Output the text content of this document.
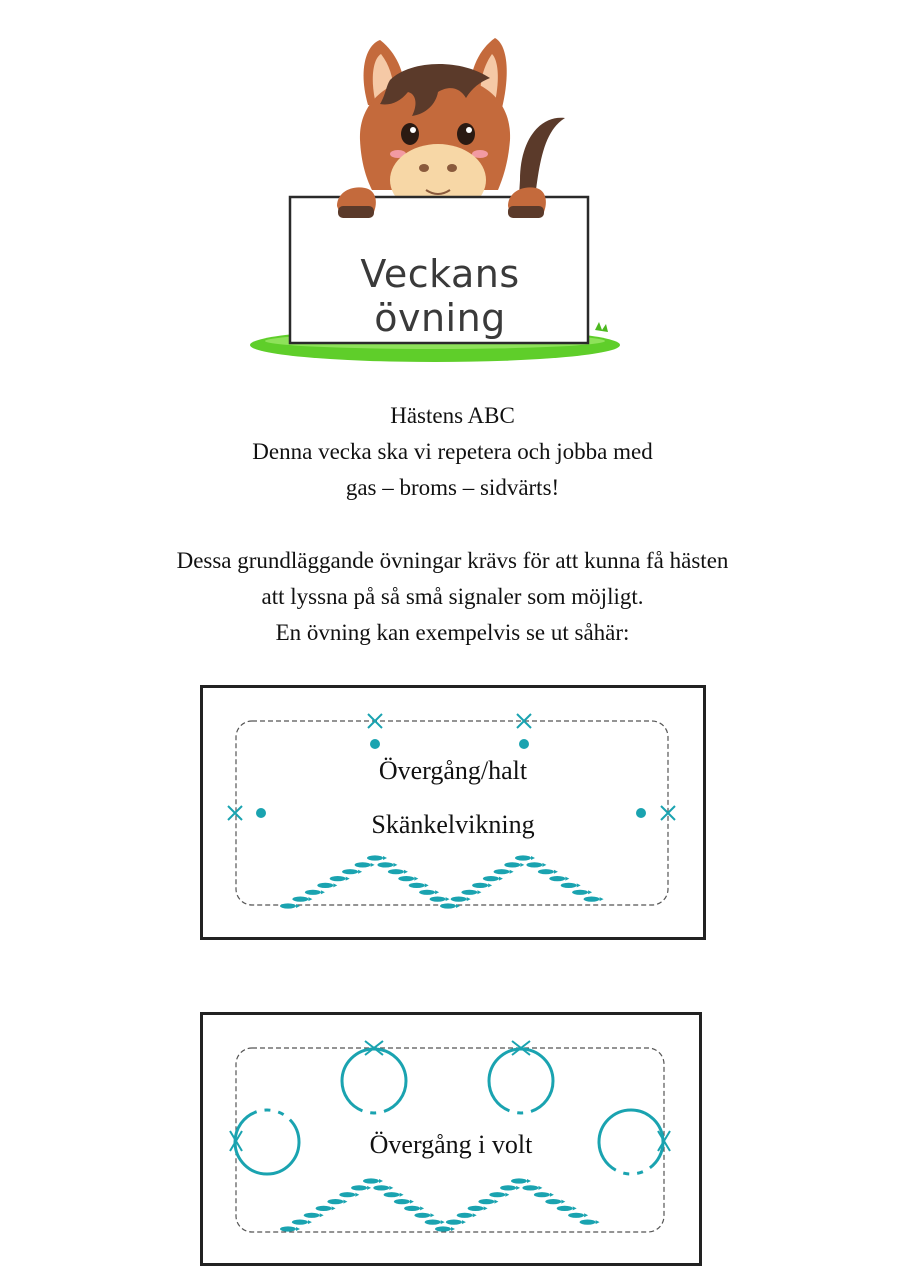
Veckans övning
Hästens ABC
Denna vecka ska vi repetera och jobba med
gas – broms – sidvärts!
Dessa grundläggande övningar krävs för att kunna få hästen
att lyssna på så små signaler som möjligt.
En övning kan exempelvis se ut såhär:
Övergång/halt
Skänkelvikning
Övergång i volt
